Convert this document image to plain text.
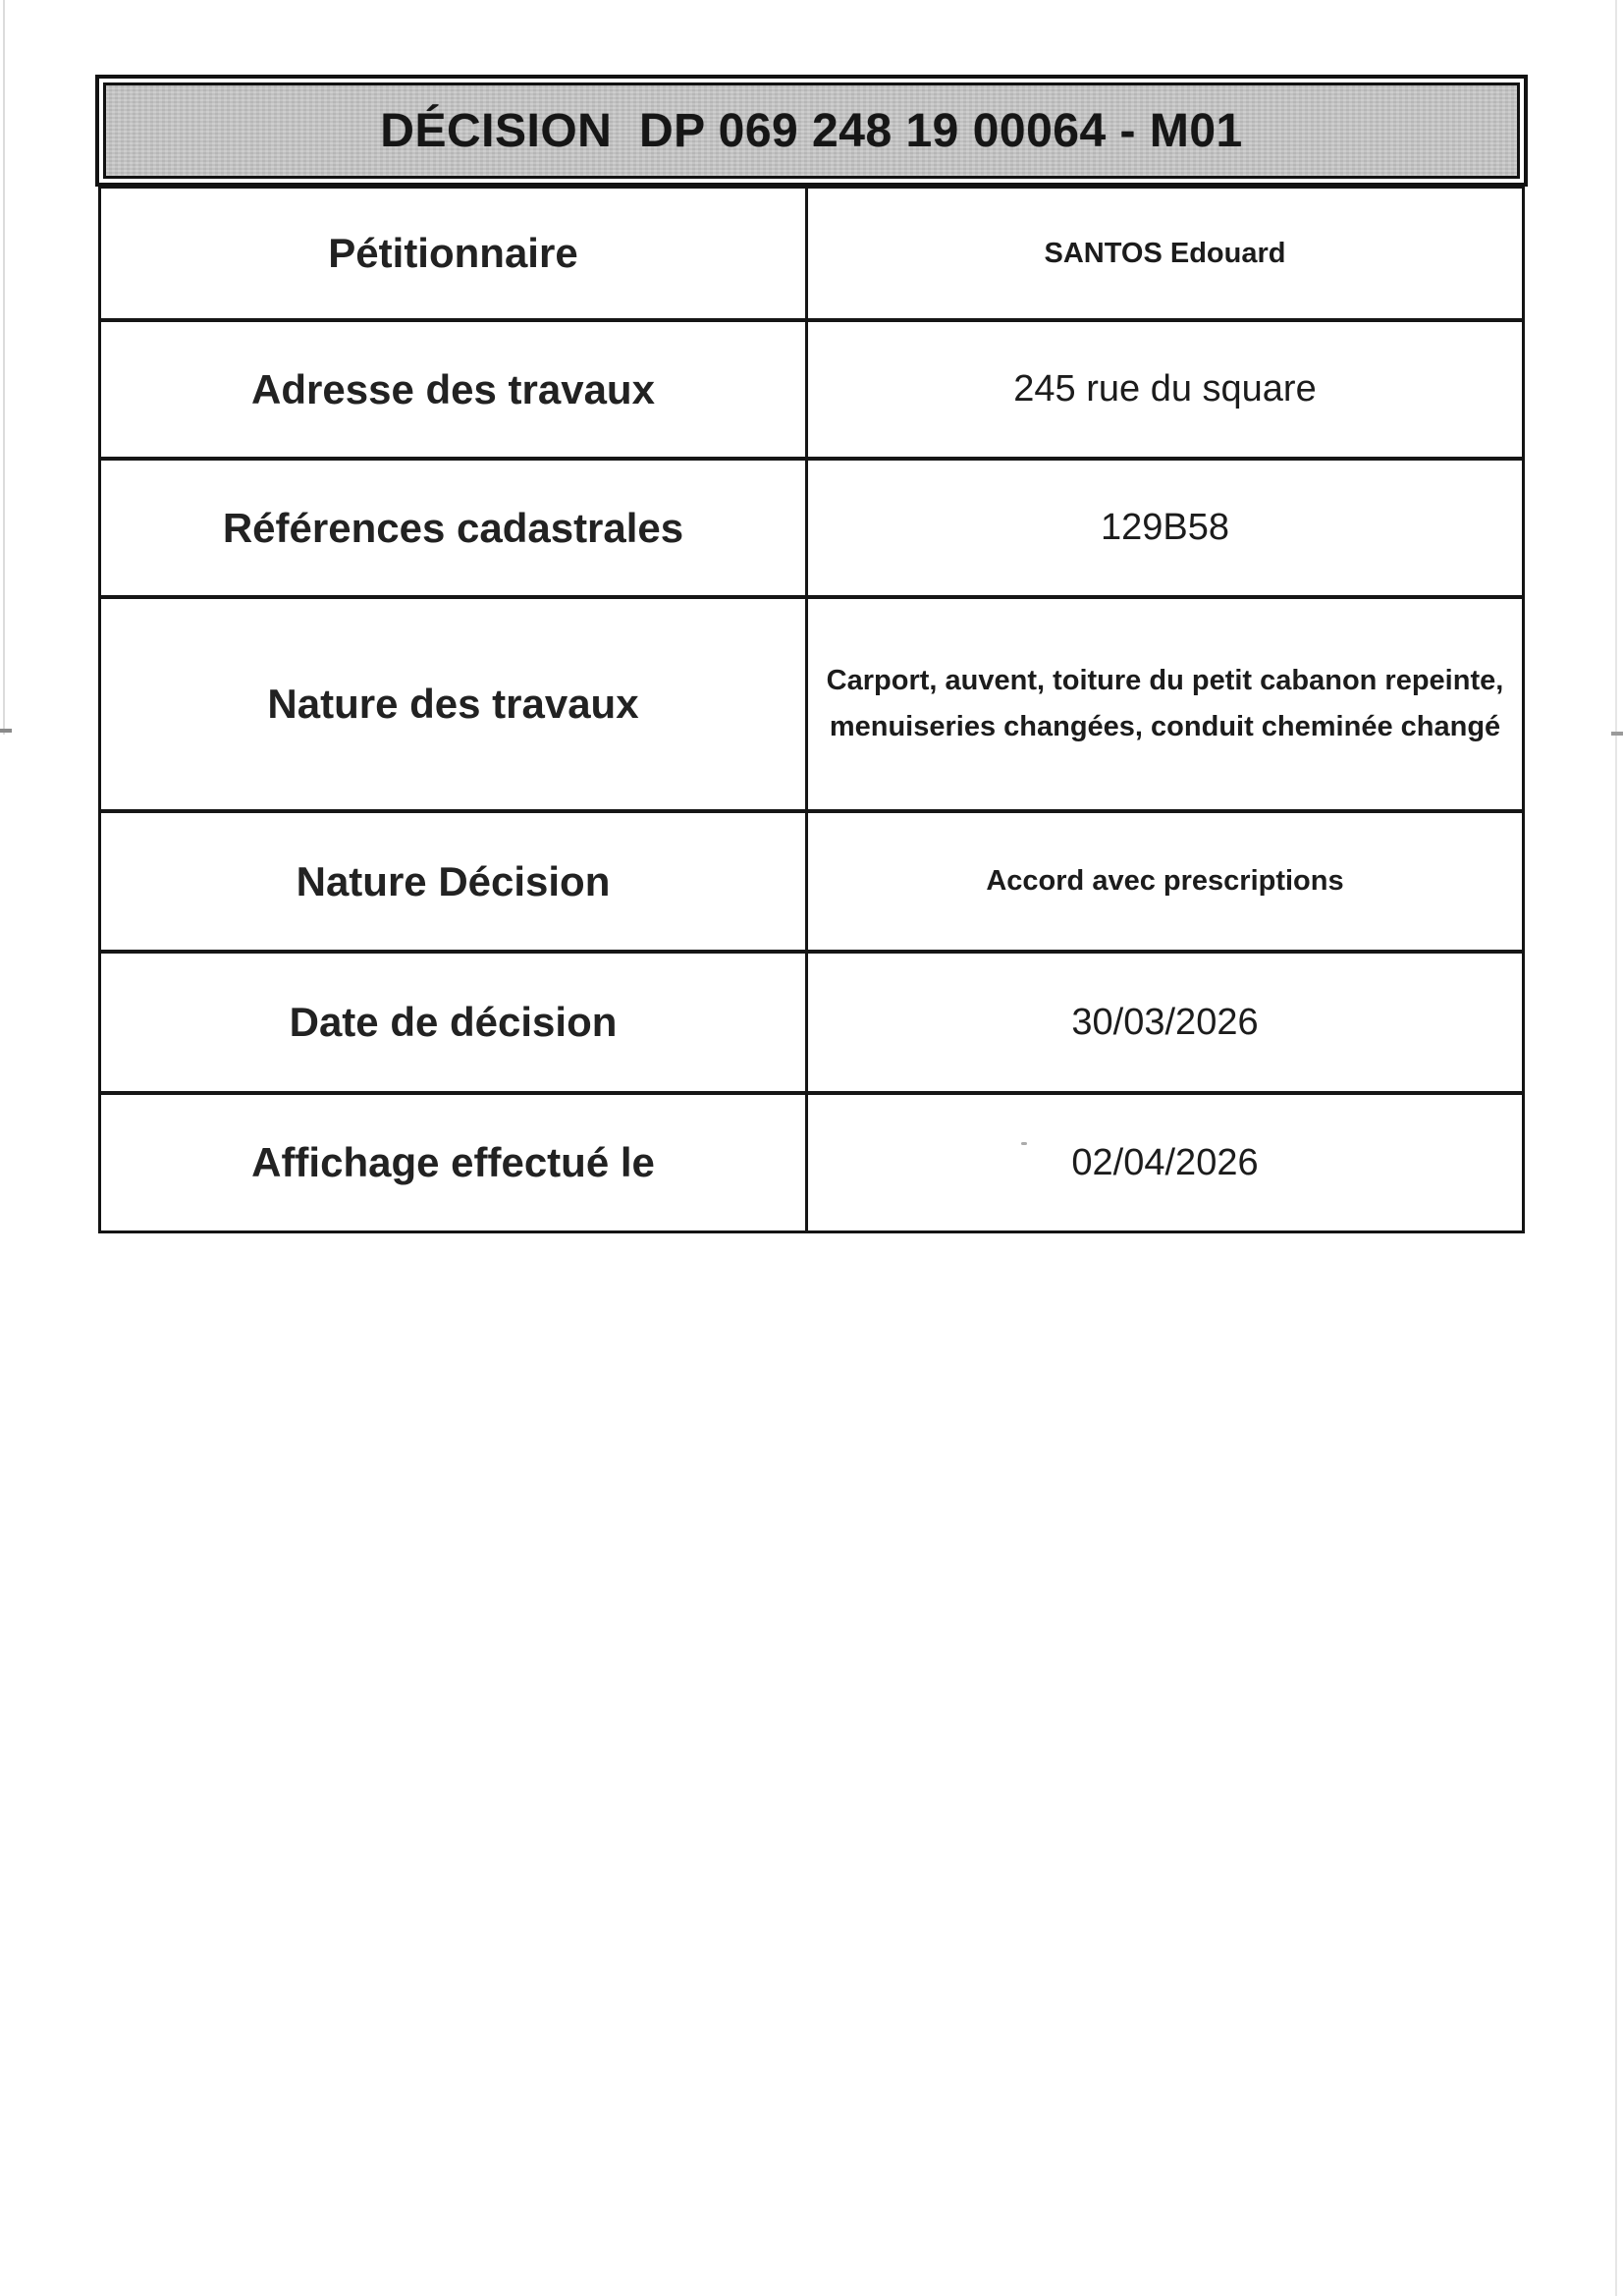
DÉCISION  DP 069 248 19 00064 - M01
Pétitionnaire	SANTOS Edouard
Adresse des travaux	245 rue du square
Références cadastrales	129B58
Nature des travaux	Carport, auvent, toiture du petit cabanon repeinte,
menuiseries changées, conduit cheminée changé
Nature Décision	Accord avec prescriptions
Date de décision	30/03/2026
Affichage effectué le	02/04/2026
